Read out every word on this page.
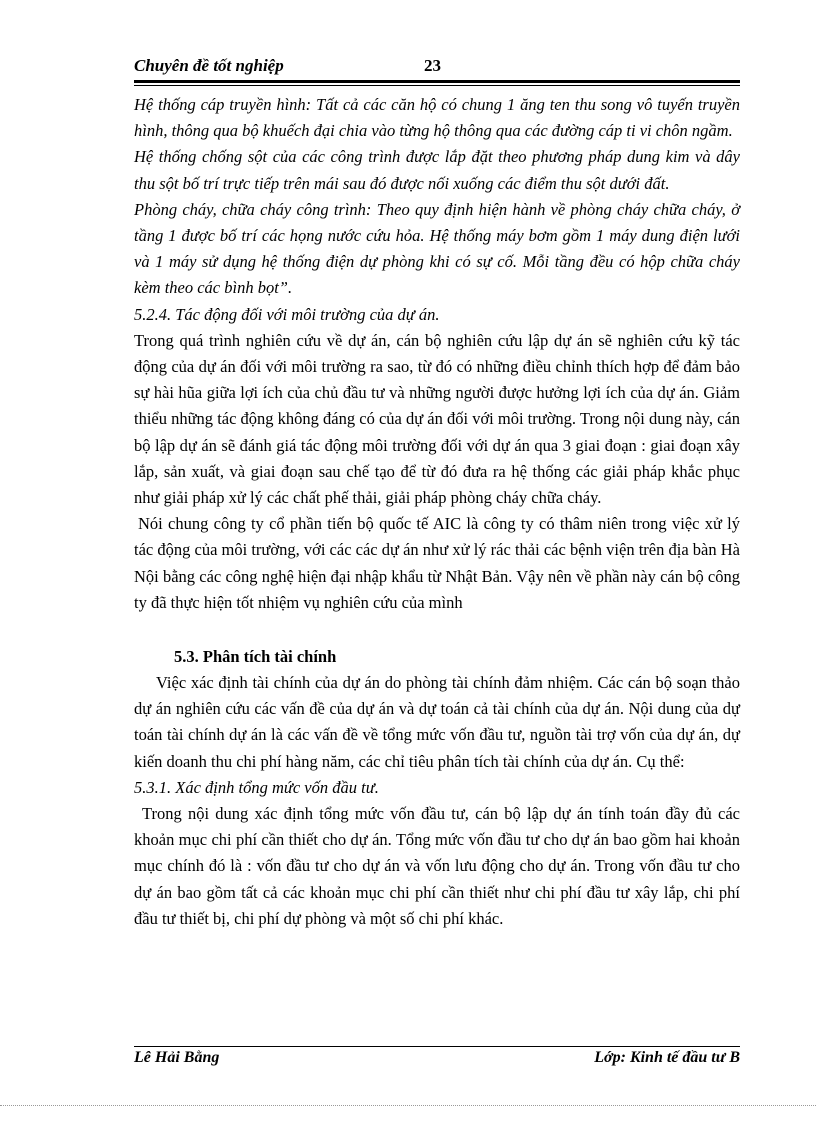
Chuyên đề tốt nghiệp	23

Hệ thống cáp truyền hình: Tất cả các căn hộ có chung 1 ăng ten thu song vô tuyến truyền hình, thông qua bộ khuếch đại chia vào từng hộ thông qua các đường cáp ti vi chôn ngầm.

Hệ thống chống sột của các công trình được lắp đặt theo phương pháp dung kim và dây thu sột bố trí trực tiếp trên mái sau đó được nối xuống các điểm thu sột dưới đất.

Phòng cháy, chữa cháy công trình: Theo quy định hiện hành về phòng cháy chữa cháy, ở tầng 1 được bố trí các họng nước cứu hỏa. Hệ thống máy bơm gồm 1 máy dung điện lưới và 1 máy sử dụng hệ thống điện dự phòng khi có sự cố. Mỗi tầng đều có hộp chữa cháy kèm theo các bình bọt”.

5.2.4. Tác động đối với môi trường của dự án.

Trong quá trình nghiên cứu về dự án, cán bộ nghiên cứu lập dự án sẽ nghiên cứu kỹ tác động của dự án đối với môi trường ra sao, từ đó có những điều chỉnh thích hợp để đảm bảo sự hài hũa giữa lợi ích của chủ đầu tư và những người được hưởng lợi ích của dự án. Giảm thiểu những tác động không đáng có của dự án đối với môi trường. Trong nội dung này, cán bộ lập dự án sẽ đánh giá tác động môi trường đối với dự án qua 3 giai đoạn : giai đoạn xây lắp, sản xuất, và giai đoạn sau chế tạo để từ đó đưa ra hệ thống các giải pháp khắc phục như giải pháp xử lý các chất phế thải, giải pháp phòng cháy chữa cháy.

Nói chung công ty cổ phần tiến bộ quốc tế AIC là công ty có thâm niên trong việc xử lý tác động của môi trường, với các các dự án như xử lý rác thải các bệnh viện trên địa bàn Hà Nội bằng các công nghệ hiện đại nhập khẩu từ Nhật Bản. Vậy nên về phần này cán bộ công ty đã thực hiện tốt nhiệm vụ nghiên cứu của mình

5.3. Phân tích tài chính

Việc xác định tài chính của dự án do phòng tài chính đảm nhiệm. Các cán bộ soạn thảo dự án nghiên cứu các vấn đề của dự án và dự toán cả tài chính của dự án. Nội dung của dự toán tài chính dự án là các vấn đề về tổng mức vốn đầu tư, nguồn tài trợ vốn của dự án, dự kiến doanh thu chi phí hàng năm, các chỉ tiêu phân tích tài chính của dự án. Cụ thể:

5.3.1. Xác định tổng mức vốn đầu tư.

Trong nội dung xác định tổng mức vốn đầu tư, cán bộ lập dự án tính toán đầy đủ các khoản mục chi phí cần thiết cho dự án. Tổng mức vốn đầu tư cho dự án bao gồm hai khoản mục chính đó là : vốn đầu tư cho dự án và vốn lưu động cho dự án. Trong vốn đầu tư cho dự án bao gồm tất cả các khoản mục chi phí cần thiết như chi phí đầu tư xây lắp, chi phí đầu tư thiết bị, chi phí dự phòng và một số chi phí khác.

Lê Hải Bằng	Lớp: Kinh tế đầu tư B
